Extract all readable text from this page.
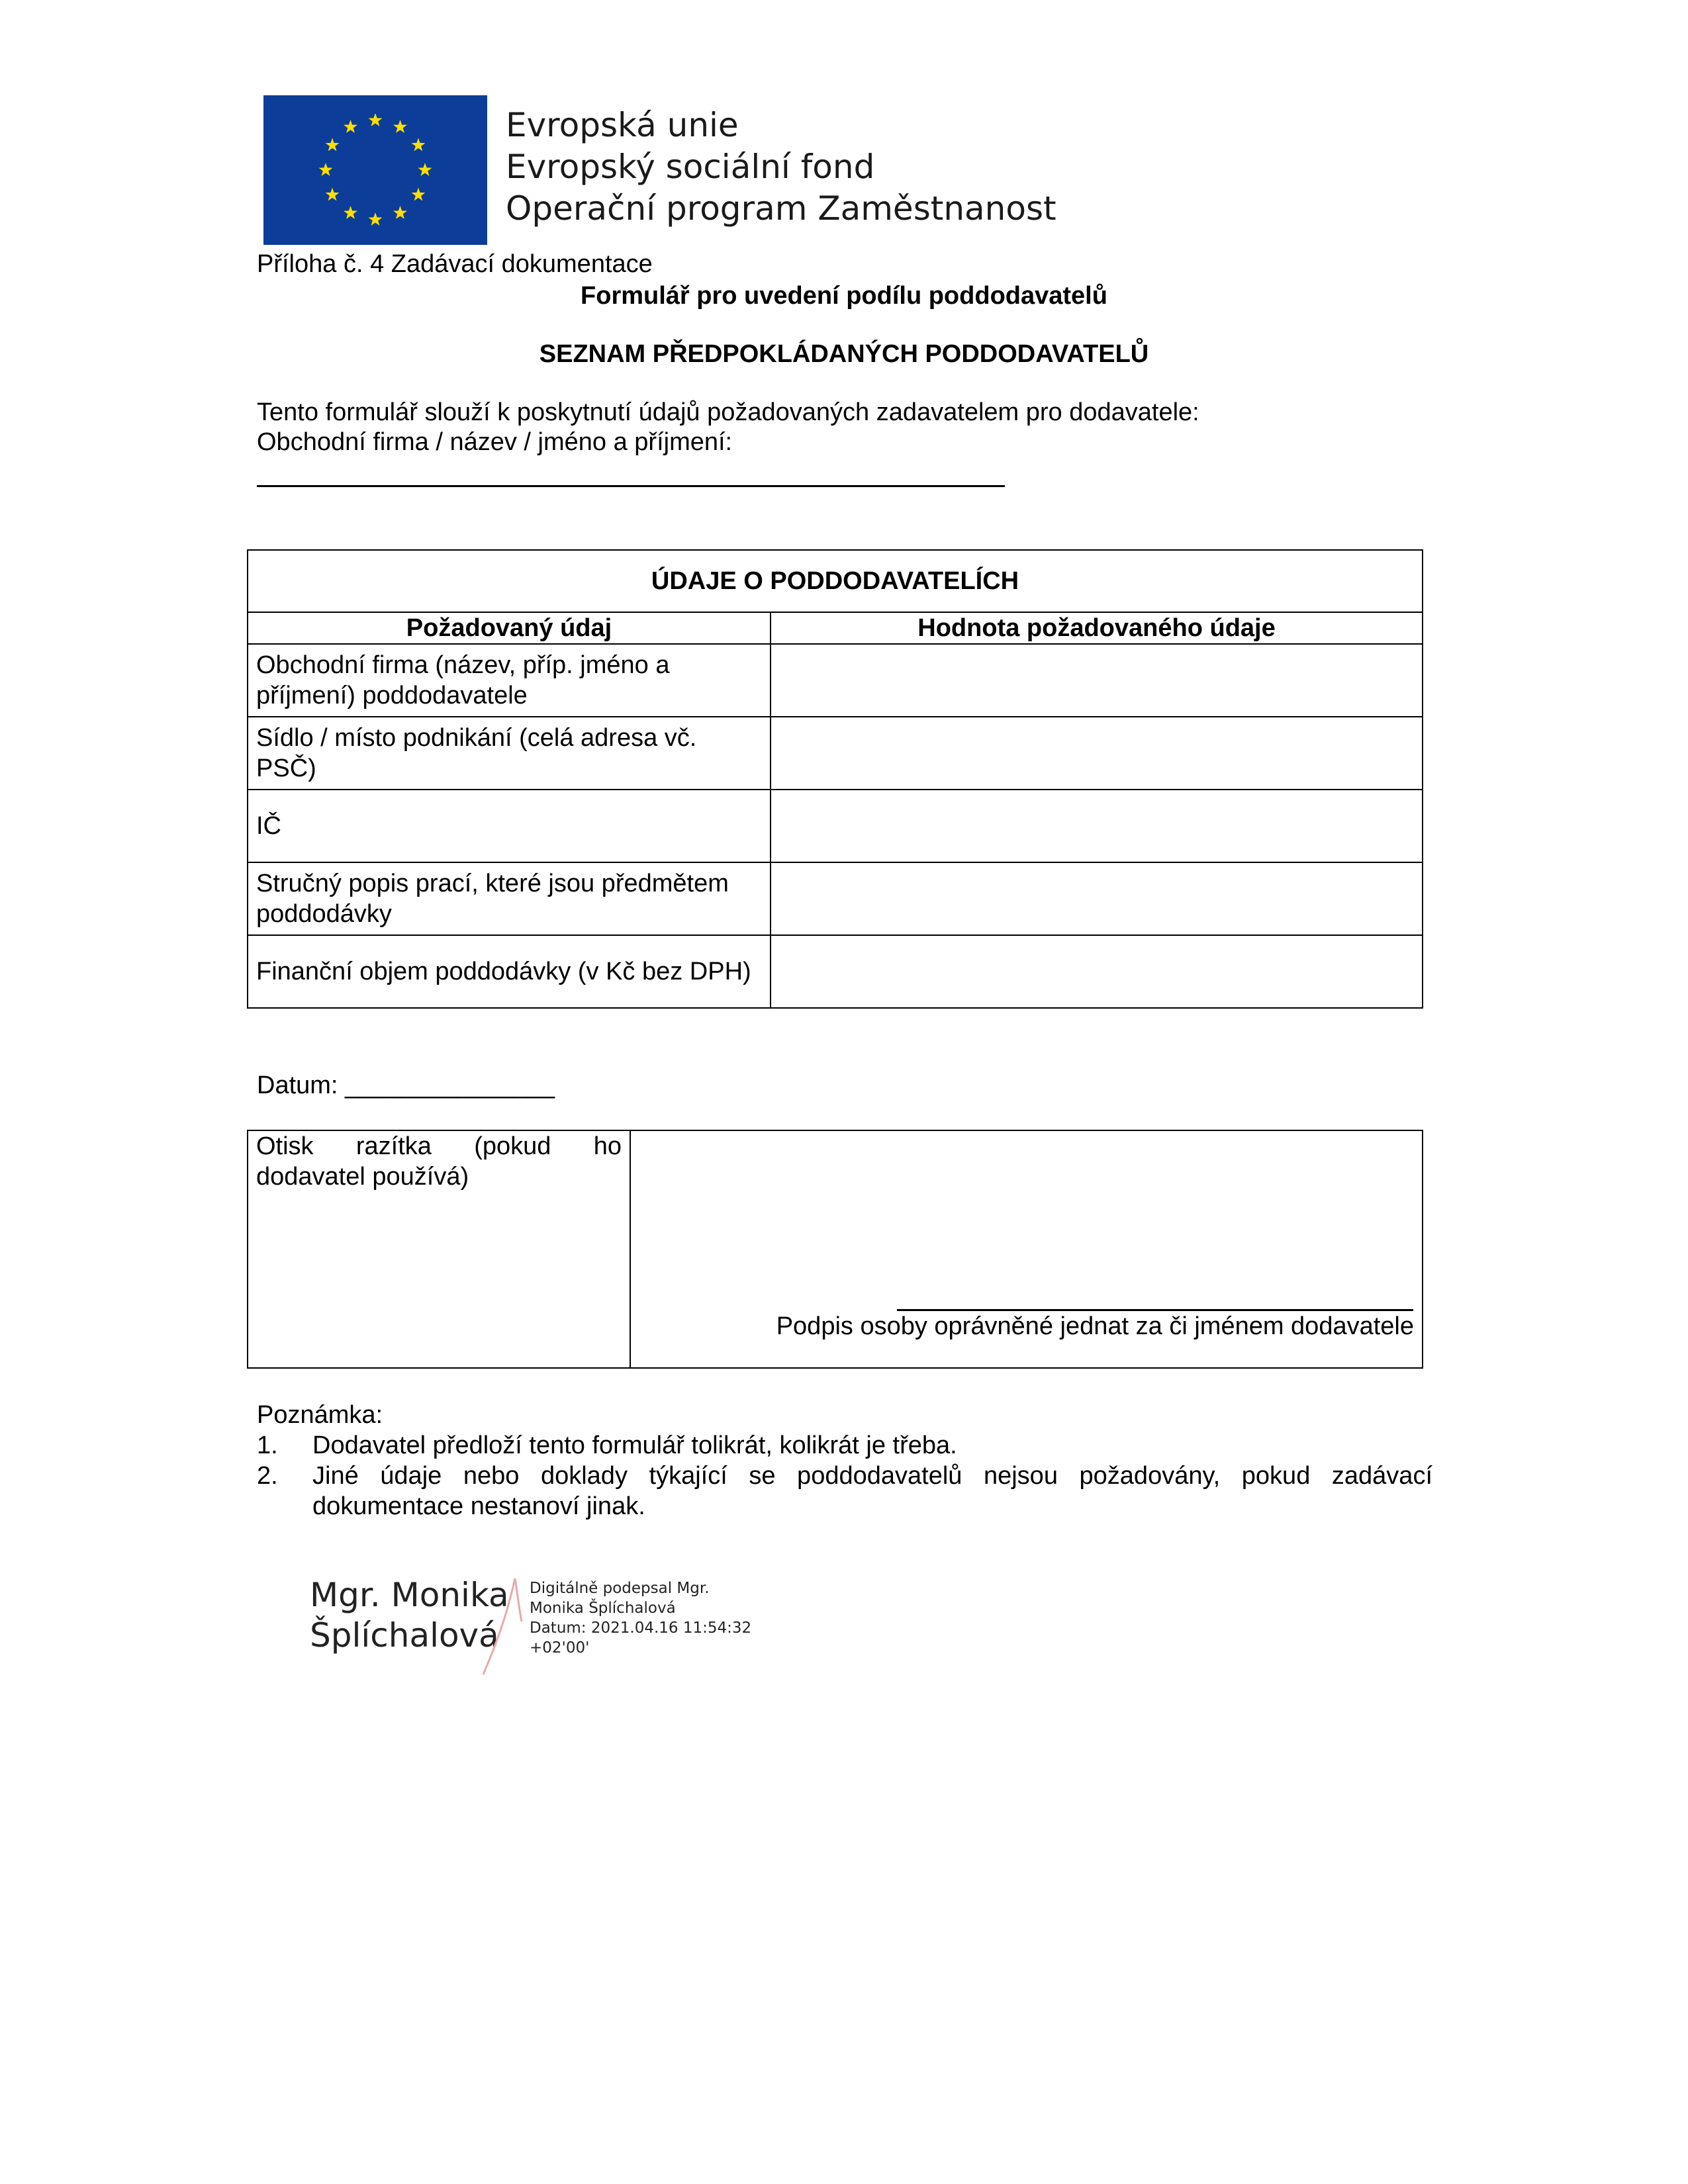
Evropská unie
Evropský sociální fond
Operační program Zaměstnanost
Příloha č. 4 Zadávací dokumentace
Formulář pro uvedení podílu poddodavatelů
SEZNAM PŘEDPOKLÁDANÝCH PODDODAVATELŮ
Tento formulář slouží k poskytnutí údajů požadovaných zadavatelem pro dodavatele:
Obchodní firma / název / jméno a příjmení:
ÚDAJE O PODDODAVATELÍCH	
Požadovaný údaj	Hodnota požadovaného údaje
Obchodní firma (název, příp. jméno a příjmení) poddodavatele	
Sídlo / místo podnikání (celá adresa vč. PSČ)	
IČ	
Stručný popis prací, které jsou předmětem poddodávky	
Finanční objem poddodávky (v Kč bez DPH)	
Datum: _______________
Otisk razítka (pokud ho dodavatel používá)
Podpis osoby oprávněné jednat za či jménem dodavatele
Poznámka:
1. Dodavatel předloží tento formulář tolikrát, kolikrát je třeba.
2. Jiné údaje nebo doklady týkající se poddodavatelů nejsou požadovány, pokud zadávací dokumentace nestanoví jinak.
Mgr. Monika
Šplíchalová
Digitálně podepsal Mgr.
Monika Šplíchalová
Datum: 2021.04.16 11:54:32
+02'00'
